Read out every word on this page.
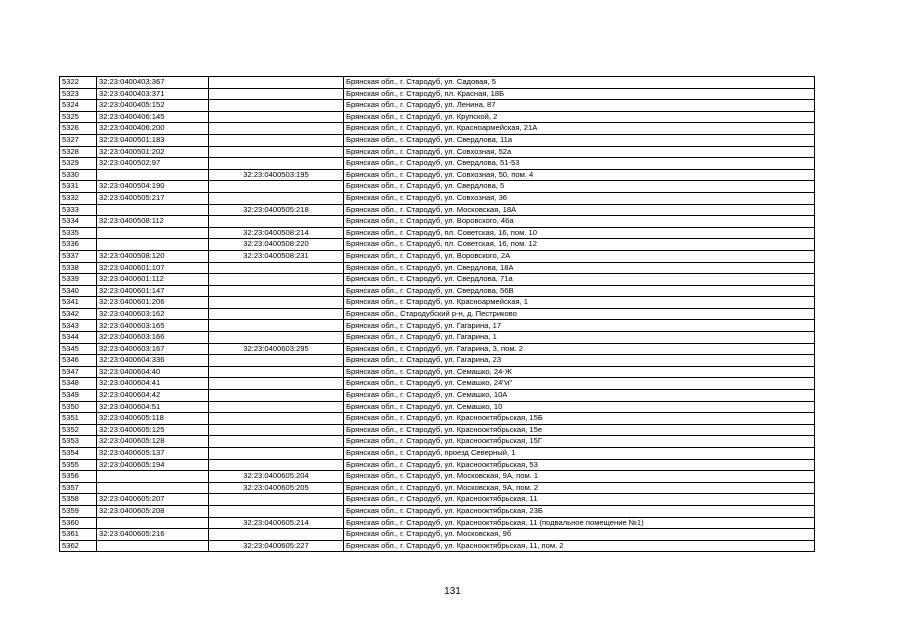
5322	32:23:0400403:367		Брянская обл., г. Стародуб, ул. Садовая, 5
5323	32:23:0400403:371		Брянская обл., г. Стародуб, пл. Красная, 18Б
5324	32:23:0400405:152		Брянская обл., г. Стародуб, ул. Ленина, 87
5325	32:23:0400406:145		Брянская обл., г. Стародуб, ул. Крупской, 2
5326	32:23:0400406:200		Брянская обл., г. Стародуб, ул. Красноармейская, 21А
5327	32:23:0400501:183		Брянская обл., г. Стародуб, ул. Свердлова, 11а
5328	32:23:0400501:202		Брянская обл., г. Стародуб, ул. Совхозная, 52а
5329	32:23:0400502:97		Брянская обл., г. Стародуб, ул. Свердлова, 51-53
5330		32:23:0400503:195	Брянская обл., г. Стародуб, ул. Совхозная, 50, пом. 4
5331	32:23:0400504:190		Брянская обл., г. Стародуб, ул. Свердлова, 5
5332	32:23:0400505:217		Брянская обл., г. Стародуб, ул. Совхозная, 36
5333		32:23:0400505:218	Брянская обл., г. Стародуб, ул. Московская, 18А
5334	32:23:0400508:112		Брянская обл., г. Стародуб, ул. Воровского, 46а
5335		32:23:0400508:214	Брянская обл., г. Стародуб, пл. Советская, 16, пом. 10
5336		32:23:0400508:220	Брянская обл., г. Стародуб, пл. Советская, 16, пом. 12
5337	32:23:0400508:120	32:23:0400508:231	Брянская обл., г. Стародуб, ул. Воровского, 2А
5338	32:23:0400601:107		Брянская обл., г. Стародуб, ул. Свердлова, 18А
5339	32:23:0400601:112		Брянская обл., г. Стародуб, ул. Свердлова, 71а
5340	32:23:0400601:147		Брянская обл., г. Стародуб, ул. Свердлова, 56В
5341	32:23:0400601:206		Брянская обл., г. Стародуб, ул. Красноармейская, 1
5342	32:23:0400603:162		Брянская обл., Стародубский р-н, д. Пестриково
5343	32:23:0400603:165		Брянская обл., г. Стародуб, ул. Гагарина, 17
5344	32:23:0400603:166		Брянская обл., г. Стародуб, ул. Гагарина, 1
5345	32:23:0400603:167	32:23:0400603:295	Брянская обл., г. Стародуб, ул. Гагарина, 3, пом. 2
5346	32:23:0400604:336		Брянская обл., г. Стародуб, ул. Гагарина, 23
5347	32:23:0400604:40		Брянская обл., г. Стародуб, ул. Семашко, 24-Ж
5348	32:23:0400604:41		Брянская обл., г. Стародуб, ул. Семашко, 24"и"
5349	32:23:0400604:42		Брянская обл., г. Стародуб, ул. Семашко, 10А
5350	32:23:0400604:51		Брянская обл., г. Стародуб, ул. Семашко, 10
5351	32:23:0400605:118		Брянская обл., г. Стародуб, ул. Краснооктябрьская, 15Б
5352	32:23:0400605:125		Брянская обл., г. Стародуб, ул. Краснооктябрьская, 15е
5353	32:23:0400605:128		Брянская обл., г. Стародуб, ул. Краснооктябрьская, 15Г
5354	32:23:0400605:137		Брянская обл., г. Стародуб, проезд Северный, 1
5355	32:23:0400605:194		Брянская обл., г. Стародуб, ул. Краснооктябрьская, 53
5356		32:23:0400605:204	Брянская обл., г. Стародуб, ул. Московская, 9А, пом. 1
5357		32:23:0400605:205	Брянская обл., г. Стародуб, ул. Московская, 9А, пом. 2
5358	32:23:0400605:207		Брянская обл., г. Стародуб, ул. Краснооктябрьская, 11
5359	32:23:0400605:208		Брянская обл., г. Стародуб, ул. Краснооктябрьская, 23Б
5360		32:23:0400605:214	Брянская обл., г. Стародуб, ул. Краснооктябрьская, 11 (подвальное помещение №1)
5361	32:23:0400605:216		Брянская обл., г. Стародуб, ул. Московская, 9б
5362		32:23:0400605:227	Брянская обл., г. Стародуб, ул. Краснооктябрьская, 11, пом. 2
131
